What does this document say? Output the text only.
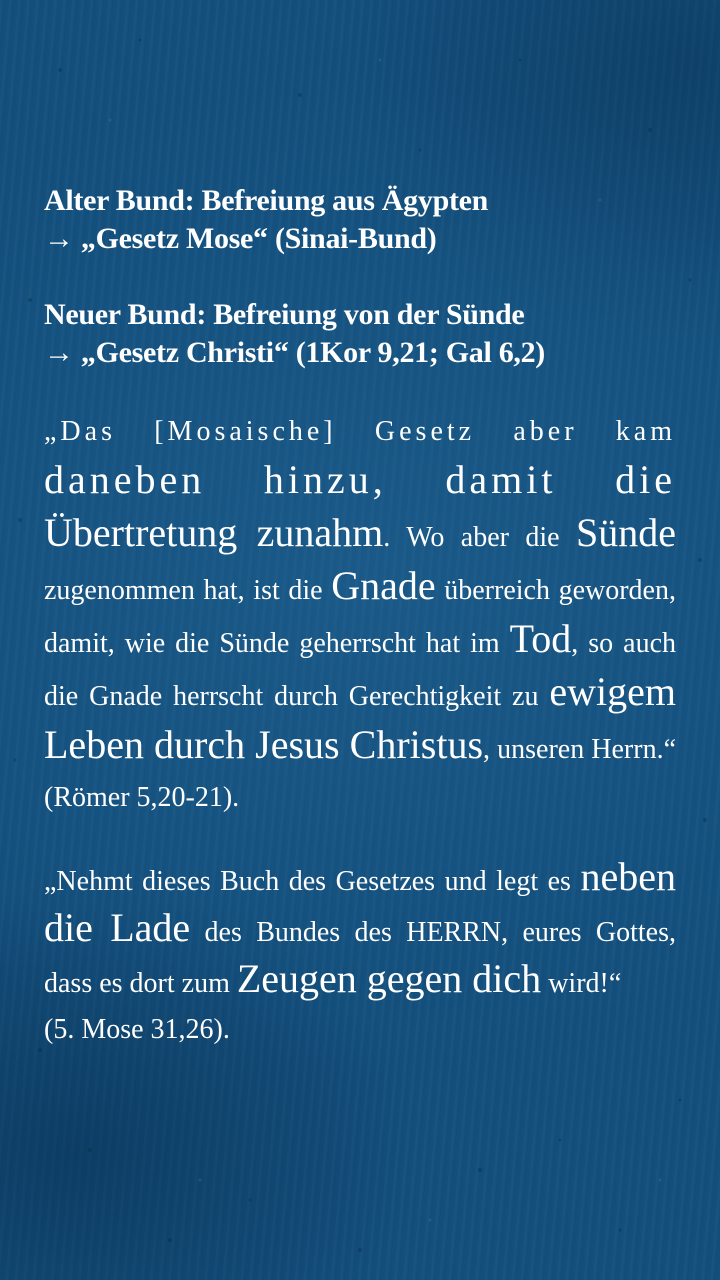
Alter Bund: Befreiung aus Ägypten

→ „Gesetz Mose“ (Sinai-Bund)

Neuer Bund: Befreiung von der Sünde

→ „Gesetz Christi“ (1Kor 9,21; Gal 6,2)

„Das [Mosaische] Gesetz aber kam daneben hinzu, damit die Übertretung zunahm. Wo aber die Sünde zugenommen hat, ist die Gnade überreich geworden, damit, wie die Sünde geherrscht hat im Tod, so auch die Gnade herrscht durch Gerechtigkeit zu ewigem Leben durch Jesus Christus, unseren Herrn.“ (Römer 5,20-21).

„Nehmt dieses Buch des Gesetzes und legt es neben die Lade des Bundes des HERRN, eures Gottes, dass es dort zum Zeugen gegen dich wird!“
(5. Mose 31,26).
